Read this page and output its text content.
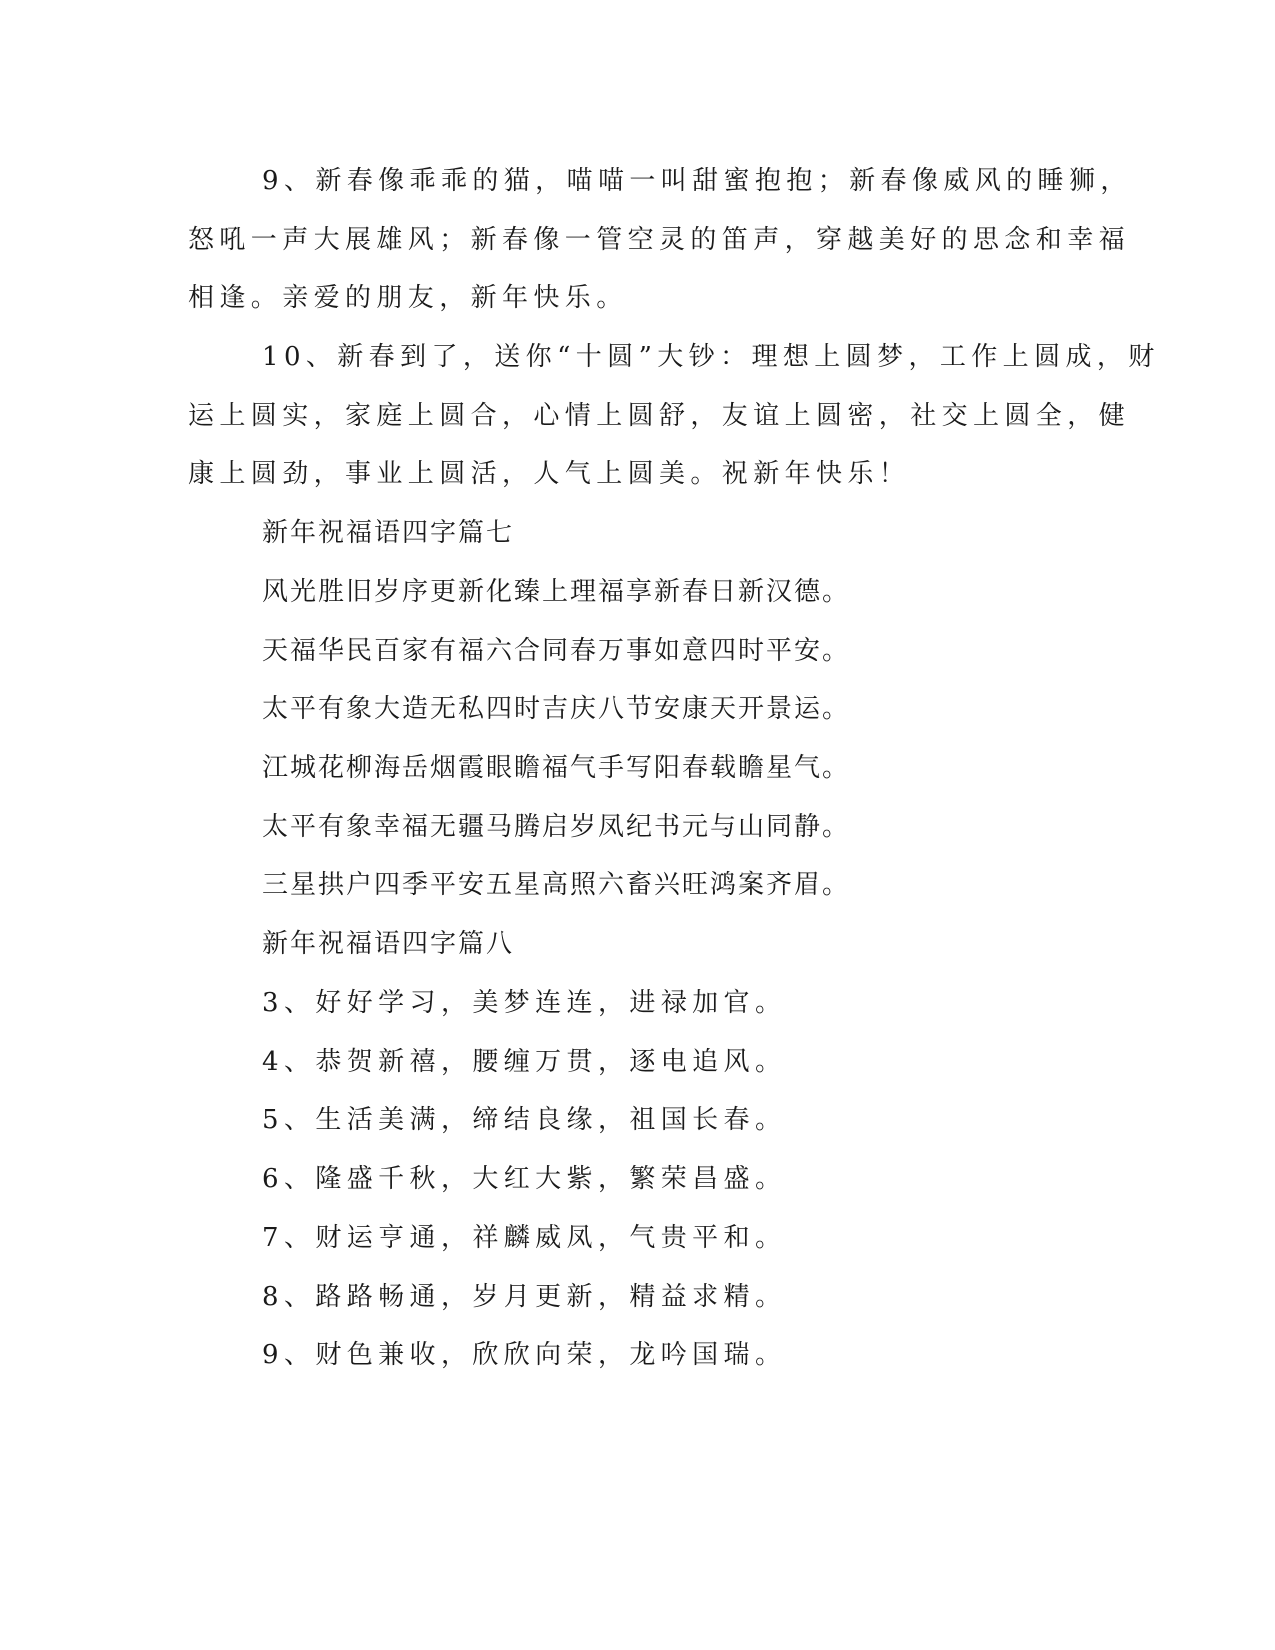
9、新春像乖乖的猫，喵喵一叫甜蜜抱抱；新春像威风的睡狮，
怒吼一声大展雄风；新春像一管空灵的笛声，穿越美好的思念和幸福
相逢。亲爱的朋友，新年快乐。
10、新春到了，送你“十圆”大钞：理想上圆梦，工作上圆成，财
运上圆实，家庭上圆合，心情上圆舒，友谊上圆密，社交上圆全，健
康上圆劲，事业上圆活，人气上圆美。祝新年快乐！
新年祝福语四字篇七
风光胜旧岁序更新化臻上理福享新春日新汉德。
天福华民百家有福六合同春万事如意四时平安。
太平有象大造无私四时吉庆八节安康天开景运。
江城花柳海岳烟霞眼瞻福气手写阳春载瞻星气。
太平有象幸福无疆马腾启岁凤纪书元与山同静。
三星拱户四季平安五星高照六畜兴旺鸿案齐眉。
新年祝福语四字篇八
3、好好学习，美梦连连，进禄加官。
4、恭贺新禧，腰缠万贯，逐电追风。
5、生活美满，缔结良缘，祖国长春。
6、隆盛千秋，大红大紫，繁荣昌盛。
7、财运亨通，祥麟威凤，气贵平和。
8、路路畅通，岁月更新，精益求精。
9、财色兼收，欣欣向荣，龙吟国瑞。
